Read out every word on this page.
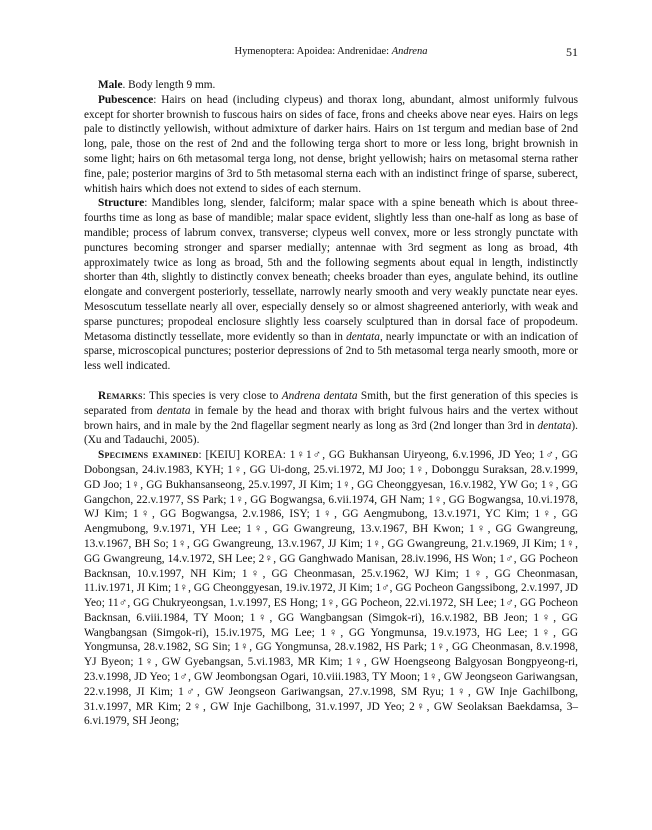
Hymenoptera: Apoidea: Andrenidae: Andrena	51

Male. Body length 9 mm.

Pubescence: Hairs on head (including clypeus) and thorax long, abundant, almost uniformly fulvous except for shorter brownish to fuscous hairs on sides of face, frons and cheeks above near eyes. Hairs on legs pale to distinctly yellowish, without admixture of darker hairs. Hairs on 1st tergum and median base of 2nd long, pale, those on the rest of 2nd and the following terga short to more or less long, bright brownish in some light; hairs on 6th metasomal terga long, not dense, bright yellowish; hairs on metasomal sterna rather fine, pale; posterior margins of 3rd to 5th metasomal sterna each with an indistinct fringe of sparse, suberect, whitish hairs which does not extend to sides of each sternum.

Structure: Mandibles long, slender, falciform; malar space with a spine beneath which is about three-fourths time as long as base of mandible; malar space evident, slightly less than one-half as long as base of mandible; process of labrum convex, transverse; clypeus well convex, more or less strongly punctate with punctures becoming stronger and sparser medially; antennae with 3rd segment as long as broad, 4th approximately twice as long as broad, 5th and the following segments about equal in length, indistinctly shorter than 4th, slightly to distinctly convex beneath; cheeks broader than eyes, angulate behind, its outline elongate and convergent posteriorly, tessellate, narrowly nearly smooth and very weakly punctate near eyes. Mesoscutum tessellate nearly all over, especially densely so or almost shagreened anteriorly, with weak and sparse punctures; propodeal enclosure slightly less coarsely sculptured than in dorsal face of propodeum. Metasoma distinctly tessellate, more evidently so than in dentata, nearly impunctate or with an indication of sparse, microscopical punctures; posterior depressions of 2nd to 5th metasomal terga nearly smooth, more or less well indicated.

Remarks: This species is very close to Andrena dentata Smith, but the first generation of this species is separated from dentata in female by the head and thorax with bright fulvous hairs and the vertex without brown hairs, and in male by the 2nd flagellar segment nearly as long as 3rd (2nd longer than 3rd in dentata). (Xu and Tadauchi, 2005).

Specimens examined: [KEIU] KOREA: 1♀1♂, GG Bukhansan Uiryeong, 6.v.1996, JD Yeo; 1♂, GG Dobongsan, 24.iv.1983, KYH; 1♀, GG Ui-dong, 25.vi.1972, MJ Joo; 1♀, Dobonggu Suraksan, 28.v.1999, GD Joo; 1♀, GG Bukhansanseong, 25.v.1997, JI Kim; 1♀, GG Cheonggyesan, 16.v.1982, YW Go; 1♀, GG Gangchon, 22.v.1977, SS Park; 1♀, GG Bogwangsa, 6.vii.1974, GH Nam; 1♀, GG Bogwangsa, 10.vi.1978, WJ Kim; 1♀, GG Bogwangsa, 2.v.1986, ISY; 1♀, GG Aengmubong, 13.v.1971, YC Kim; 1♀, GG Aengmubong, 9.v.1971, YH Lee; 1♀, GG Gwangreung, 13.v.1967, BH Kwon; 1♀, GG Gwangreung, 13.v.1967, BH So; 1♀, GG Gwangreung, 13.v.1967, JJ Kim; 1♀, GG Gwangreung, 21.v.1969, JI Kim; 1♀, GG Gwangreung, 14.v.1972, SH Lee; 2♀, GG Ganghwado Manisan, 28.iv.1996, HS Won; 1♂, GG Pocheon Backnsan, 10.v.1997, NH Kim; 1♀, GG Cheonmasan, 25.v.1962, WJ Kim; 1♀, GG Cheonmasan, 11.iv.1971, JI Kim; 1♀, GG Cheonggyesan, 19.iv.1972, JI Kim; 1♂, GG Pocheon Gangssibong, 2.v.1997, JD Yeo; 11♂, GG Chukryeongsan, 1.v.1997, ES Hong; 1♀, GG Pocheon, 22.vi.1972, SH Lee; 1♂, GG Pocheon Backnsan, 6.viii.1984, TY Moon; 1♀, GG Wangbangsan (Simgok-ri), 16.v.1982, BB Jeon; 1♀, GG Wangbangsan (Simgok-ri), 15.iv.1975, MG Lee; 1♀, GG Yongmunsa, 19.v.1973, HG Lee; 1♀, GG Yongmunsa, 28.v.1982, SG Sin; 1♀, GG Yongmunsa, 28.v.1982, HS Park; 1♀, GG Cheonmasan, 8.v.1998, YJ Byeon; 1♀, GW Gyebangsan, 5.vi.1983, MR Kim; 1♀, GW Hoengseong Balgyosan Bongpyeong-ri, 23.v.1998, JD Yeo; 1♂, GW Jeombongsan Ogari, 10.viii.1983, TY Moon; 1♀, GW Jeongseon Gariwangsan, 22.v.1998, JI Kim; 1♂, GW Jeongseon Gariwangsan, 27.v.1998, SM Ryu; 1♀, GW Inje Gachilbong, 31.v.1997, MR Kim; 2♀, GW Inje Gachilbong, 31.v.1997, JD Yeo; 2♀, GW Seolaksan Baekdamsa, 3–6.vi.1979, SH Jeong;
